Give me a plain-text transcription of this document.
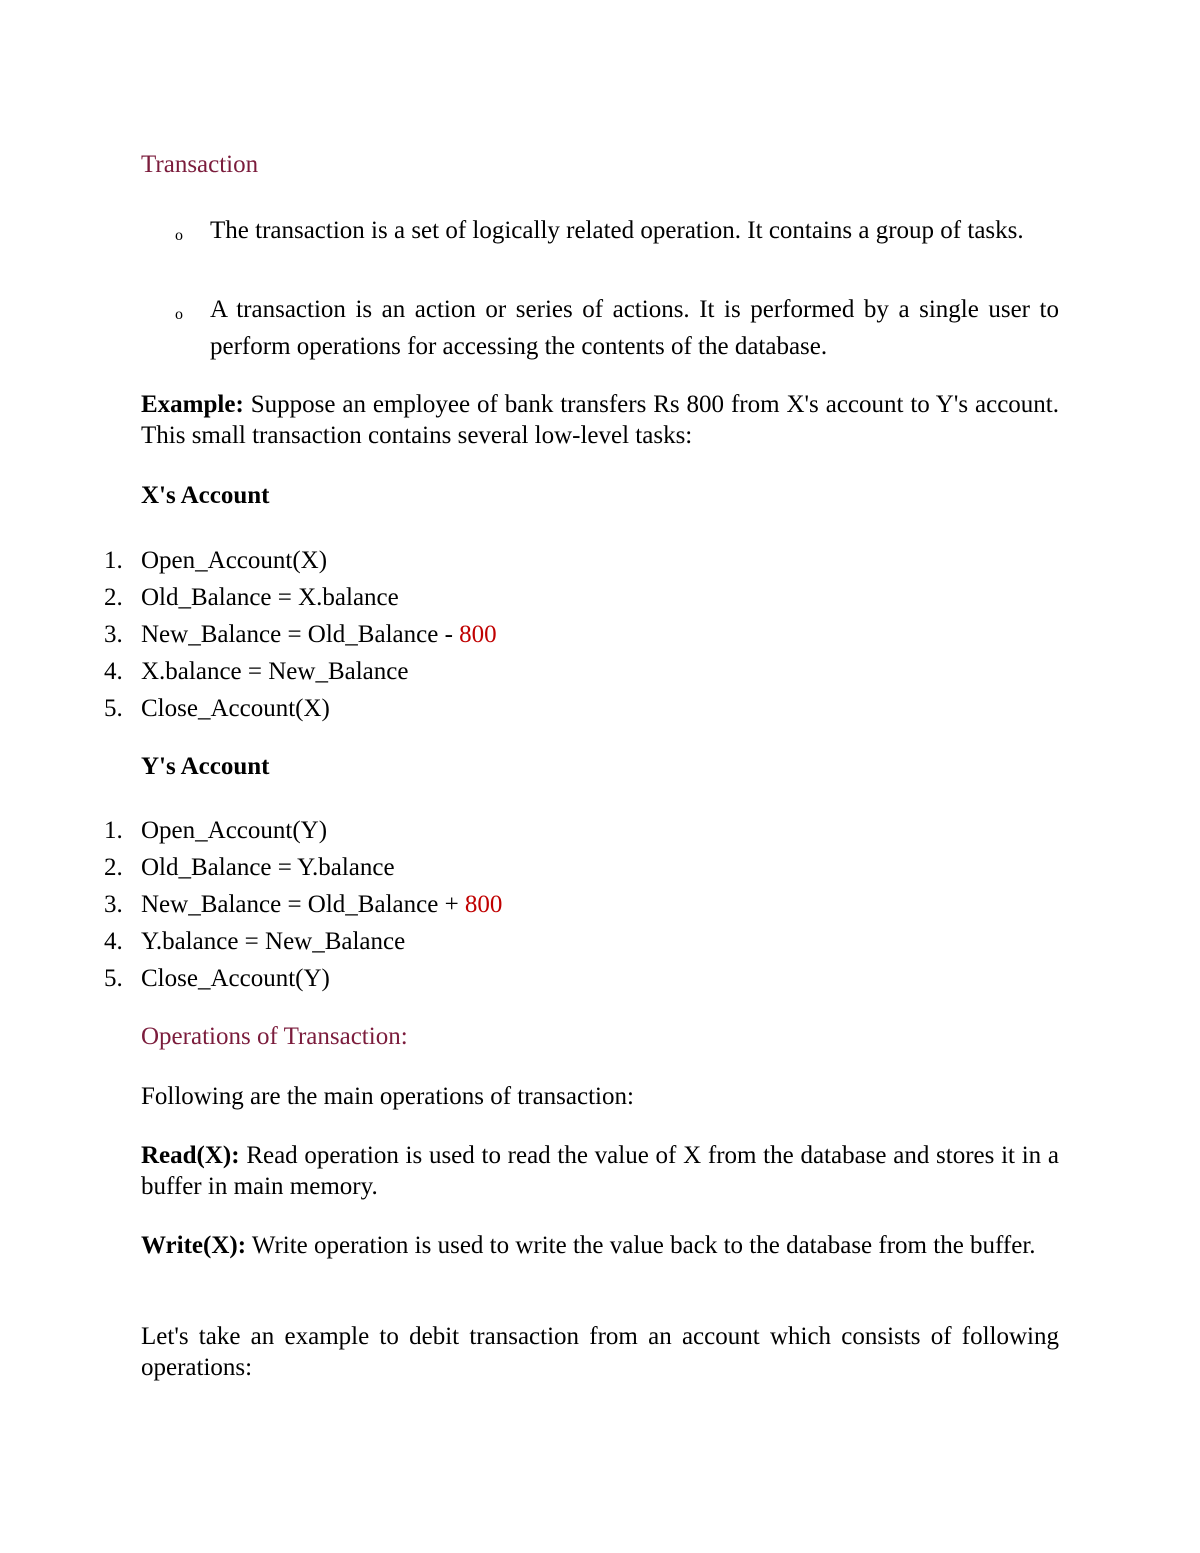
Transaction

o The transaction is a set of logically related operation. It contains a group of tasks.

o A transaction is an action or series of actions. It is performed by a single user to perform operations for accessing the contents of the database.

Example: Suppose an employee of bank transfers Rs 800 from X's account to Y's account. This small transaction contains several low-level tasks:

X's Account

1. Open_Account(X)
2. Old_Balance = X.balance
3. New_Balance = Old_Balance - 800
4. X.balance = New_Balance
5. Close_Account(X)

Y's Account

1. Open_Account(Y)
2. Old_Balance = Y.balance
3. New_Balance = Old_Balance + 800
4. Y.balance = New_Balance
5. Close_Account(Y)

Operations of Transaction:

Following are the main operations of transaction:

Read(X): Read operation is used to read the value of X from the database and stores it in a buffer in main memory.

Write(X): Write operation is used to write the value back to the database from the buffer.

Let's take an example to debit transaction from an account which consists of following operations:
